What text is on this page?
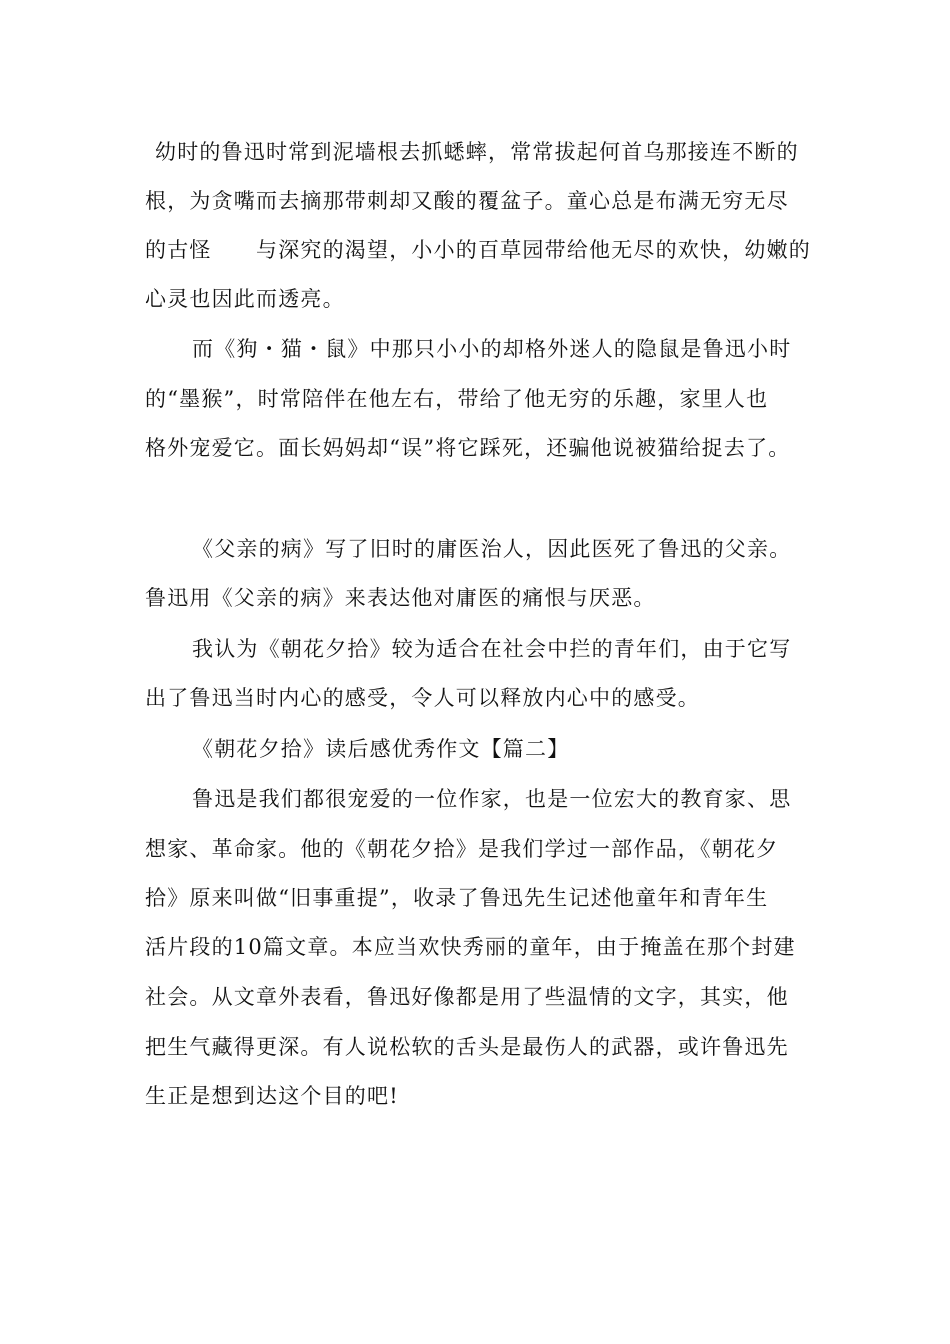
幼时的鲁迅时常到泥墙根去抓蟋蟀，常常拔起何首乌那接连不断的
根，为贪嘴而去摘那带刺却又酸的覆盆子。童心总是布满无穷无尽
的古怪　　与深究的渴望，小小的百草园带给他无尽的欢快，幼嫩的
心灵也因此而透亮。
而《狗・猫・鼠》中那只小小的却格外迷人的隐鼠是鲁迅小时
的“墨猴”，时常陪伴在他左右，带给了他无穷的乐趣，家里人也
格外宠爱它。面长妈妈却“误”将它踩死，还骗他说被猫给捉去了。
《父亲的病》写了旧时的庸医治人，因此医死了鲁迅的父亲。
鲁迅用《父亲的病》来表达他对庸医的痛恨与厌恶。
我认为《朝花夕拾》较为适合在社会中拦的青年们，由于它写
出了鲁迅当时内心的感受，令人可以释放内心中的感受。
《朝花夕拾》读后感优秀作文【篇二】
鲁迅是我们都很宠爱的一位作家，也是一位宏大的教育家、思
想家、革命家。他的《朝花夕拾》是我们学过一部作品，《朝花夕
拾》原来叫做“旧事重提”，收录了鲁迅先生记述他童年和青年生
活片段的10篇文章。本应当欢快秀丽的童年，由于掩盖在那个封建
社会。从文章外表看，鲁迅好像都是用了些温情的文字，其实，他
把生气藏得更深。有人说松软的舌头是最伤人的武器，或许鲁迅先
生正是想到达这个目的吧!
